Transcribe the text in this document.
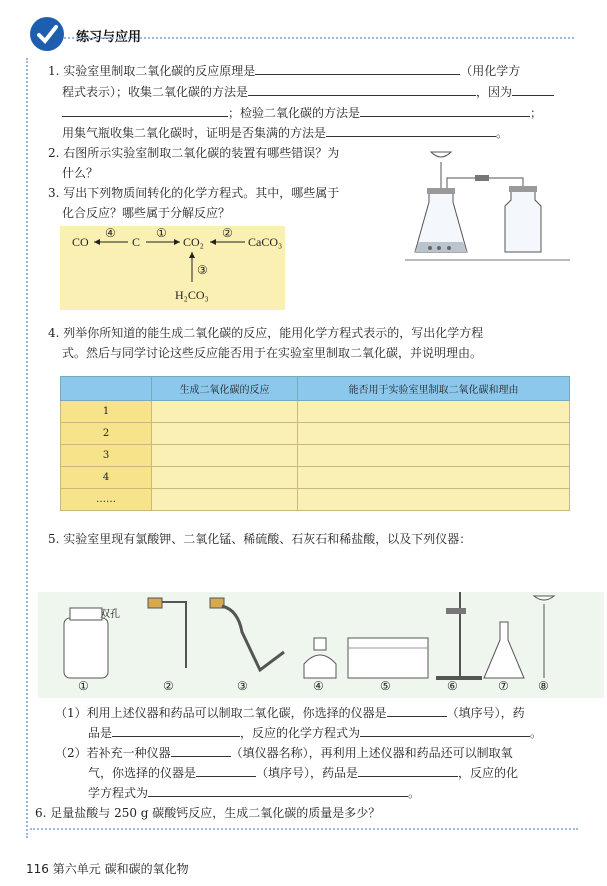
练习与应用
1. 实验室里制取二氧化碳的反应原理是	（用化学方
程式表示）；收集二氧化碳的方法是	，因为
；检验二氧化碳的方法是	；
用集气瓶收集二氧化碳时，证明是否集满的方法是	。
2. 右图所示实验室制取二氧化碳的装置有哪些错误？为
什么？
3. 写出下列物质间转化的化学方程式。其中，哪些属于
化合反应？哪些属于分解反应？
CO	C	CO₂	CaCO₃
H₂CO₃
④	①	②
③
4. 列举你所知道的能生成二氧化碳的反应，能用化学方程式表示的，写出化学方程
式。然后与同学讨论这些反应能否用于在实验室里制取二氧化碳，并说明理由。
	生成二氧化碳的反应	能否用于实验室里制取二氧化碳和理由
1		
2		
3		
4		
……		
5. 实验室里现有氯酸钾、二氧化锰、稀硫酸、石灰石和稀盐酸，以及下列仪器：
双孔
①	②	③	④	⑤	⑥	⑦ ⑧
（1）利用上述仪器和药品可以制取二氧化碳，你选择的仪器是	（填序号），药
品是	，反应的化学方程式为	。
（2）若补充一种仪器	（填仪器名称），再利用上述仪器和药品还可以制取氧
气，你选择的仪器是	（填序号），药品是	，反应的化
学方程式为	。
6. 足量盐酸与 250 g 碳酸钙反应，生成二氧化碳的质量是多少？
116 第六单元 碳和碳的氧化物
